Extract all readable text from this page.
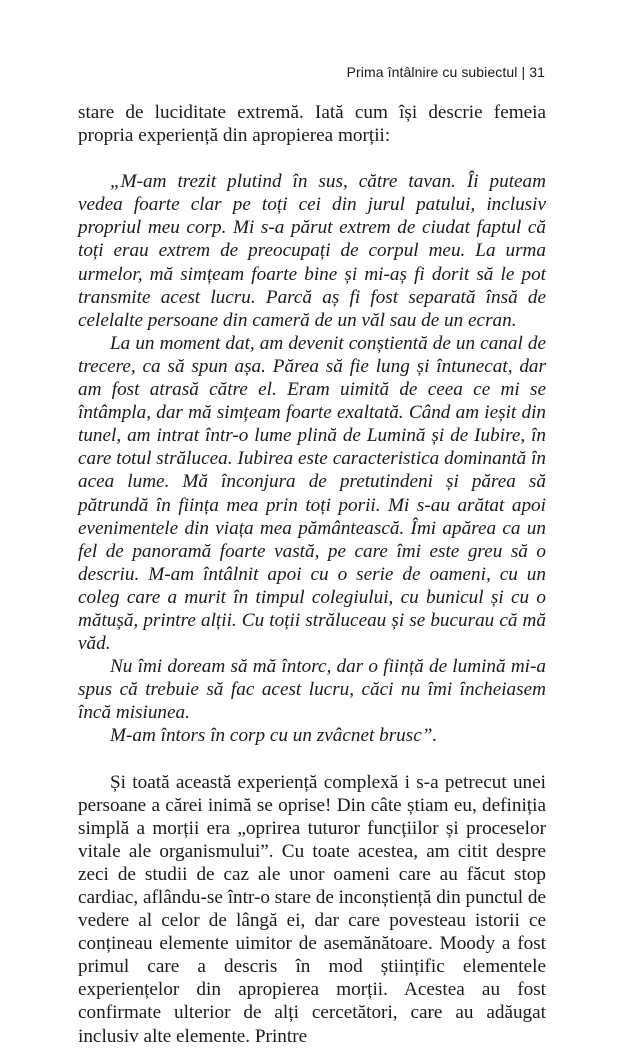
Prima întâlnire cu subiectul | 31

stare de luciditate extremă. Iată cum își descrie femeia propria experiență din apropierea morții:

„M-am trezit plutind în sus, către tavan. Îi puteam vedea foarte clar pe toți cei din jurul patului, inclusiv propriul meu corp. Mi s-a părut extrem de ciudat faptul că toți erau extrem de preocupați de corpul meu. La urma urmelor, mă simțeam foarte bine și mi-aș fi dorit să le pot transmite acest lucru. Parcă aș fi fost separată însă de celelalte persoane din cameră de un văl sau de un ecran.

La un moment dat, am devenit conștientă de un canal de trecere, ca să spun așa. Părea să fie lung și întunecat, dar am fost atrasă către el. Eram uimită de ceea ce mi se întâmpla, dar mă simțeam foarte exaltată. Când am ieșit din tunel, am intrat într-o lume plină de Lumină și de Iubire, în care totul strălucea. Iubirea este caracteristica dominantă în acea lume. Mă înconjura de pretutindeni și părea să pătrundă în ființa mea prin toți porii. Mi s-au arătat apoi evenimentele din viața mea pământească. Îmi apărea ca un fel de panoramă foarte vastă, pe care îmi este greu să o descriu. M-am întâlnit apoi cu o serie de oameni, cu un coleg care a murit în timpul colegiului, cu bunicul și cu o mătușă, printre alții. Cu toții străluceau și se bucurau că mă văd.

Nu îmi doream să mă întorc, dar o ființă de lumină mi-a spus că trebuie să fac acest lucru, căci nu îmi încheiasem încă misiunea.

M-am întors în corp cu un zvâcnet brusc”.

Și toată această experiență complexă i s-a petrecut unei persoane a cărei inimă se oprise! Din câte știam eu, definiția simplă a morții era „oprirea tuturor funcțiilor și proceselor vitale ale organismului”. Cu toate acestea, am citit despre zeci de studii de caz ale unor oameni care au făcut stop cardiac, aflându-se într-o stare de inconștiență din punctul de vedere al celor de lângă ei, dar care povesteau istorii ce conțineau elemente uimitor de asemănătoare. Moody a fost primul care a descris în mod științific elementele experiențelor din apropierea morții. Acestea au fost confirmate ulterior de alți cercetători, care au adăugat inclusiv alte elemente. Printre
